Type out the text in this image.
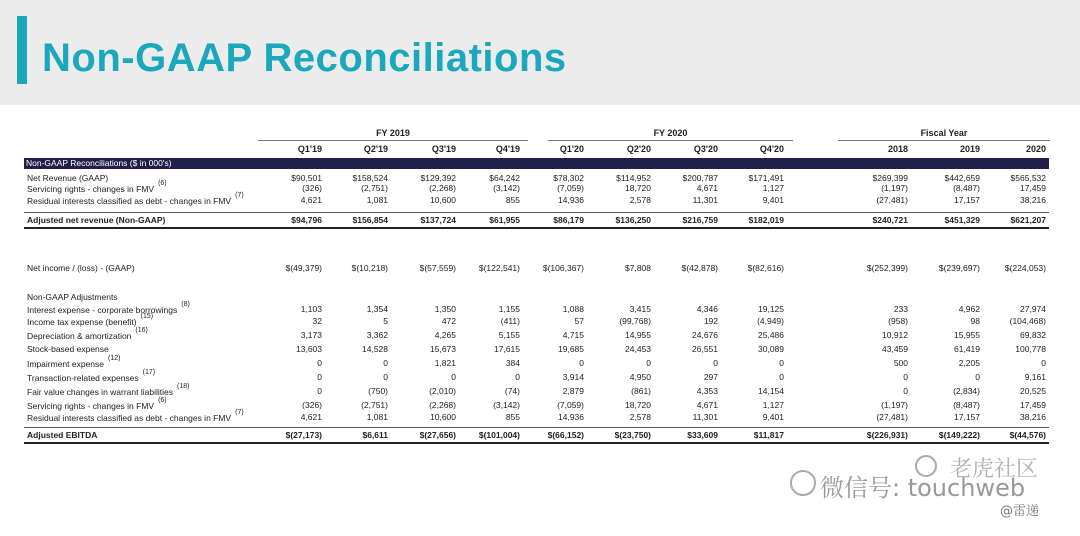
Non-GAAP Reconciliations
FY 2019	FY 2020	Fiscal Year
Q1'19	Q2'19	Q3'19	Q4'19	Q1'20	Q2'20	Q3'20	Q4'20	2018	2019	2020
Non-GAAP Reconciliations ($ in 000's)
Net Revenue (GAAP)	$90,501	$158,524	$129,392	$64,242	$78,302	$114,952	$200,787	$171,491	$269,399	$442,659	$565,532
Servicing rights - changes in FMV$^{(6)}$	(326)	(2,751)	(2,268)	(3,142)	(7,059)	18,720	4,671	1,127	(1,197)	(8,487)	17,459
Residual interests classified as debt - changes in FMV$^{(7)}$	4,621	1,081	10,600	855	14,936	2,578	11,301	9,401	(27,481)	17,157	38,216
Adjusted net revenue (Non-GAAP)	$94,796	$156,854	$137,724	$61,955	$86,179	$136,250	$216,759	$182,019	$240,721	$451,329	$621,207
Net income / (loss) - (GAAP)	$(49,379)	$(10,218)	$(57,559)	$(122,541)	$(106,367)	$7,808	$(42,878)	$(82,616)	$(252,399)	$(239,697)	$(224,053)
Non-GAAP Adjustments
Interest expense - corporate borrowings$^{(8)}$	1,103	1,354	1,350	1,155	1,088	3,415	4,346	19,125	233	4,962	27,974
Income tax expense (benefit)$^{(15)}$	32	5	472	(411)	57	(99,768)	192	(4,949)	(958)	98	(104,468)
Depreciation & amortization$^{(16)}$	3,173	3,362	4,265	5,155	4,715	14,955	24,676	25,486	10,912	15,955	69,832
Stock-based expense	13,603	14,528	15,673	17,615	19,685	24,453	26,551	30,089	43,459	61,419	100,778
Impairment expense$^{(12)}$	0	0	1,821	384	0	0	0	0	500	2,205	0
Transaction-related expenses$^{(17)}$	0	0	0	0	3,914	4,950	297	0	0	0	9,161
Fair value changes in warrant liabilities$^{(18)}$	0	(750)	(2,010)	(74)	2,879	(861)	4,353	14,154	0	(2,834)	20,525
Servicing rights - changes in FMV$^{(6)}$	(326)	(2,751)	(2,268)	(3,142)	(7,059)	18,720	4,671	1,127	(1,197)	(8,487)	17,459
Residual interests classified as debt - changes in FMV$^{(7)}$	4,621	1,081	10,600	855	14,936	2,578	11,301	9,401	(27,481)	17,157	38,216
Adjusted EBITDA	$(27,173)	$6,611	$(27,656)	$(101,004)	$(66,152)	$(23,750)	$33,609	$11,817	$(226,931)	$(149,222)	$(44,576)
微信号: touchweb
老虎社区
@雷递
